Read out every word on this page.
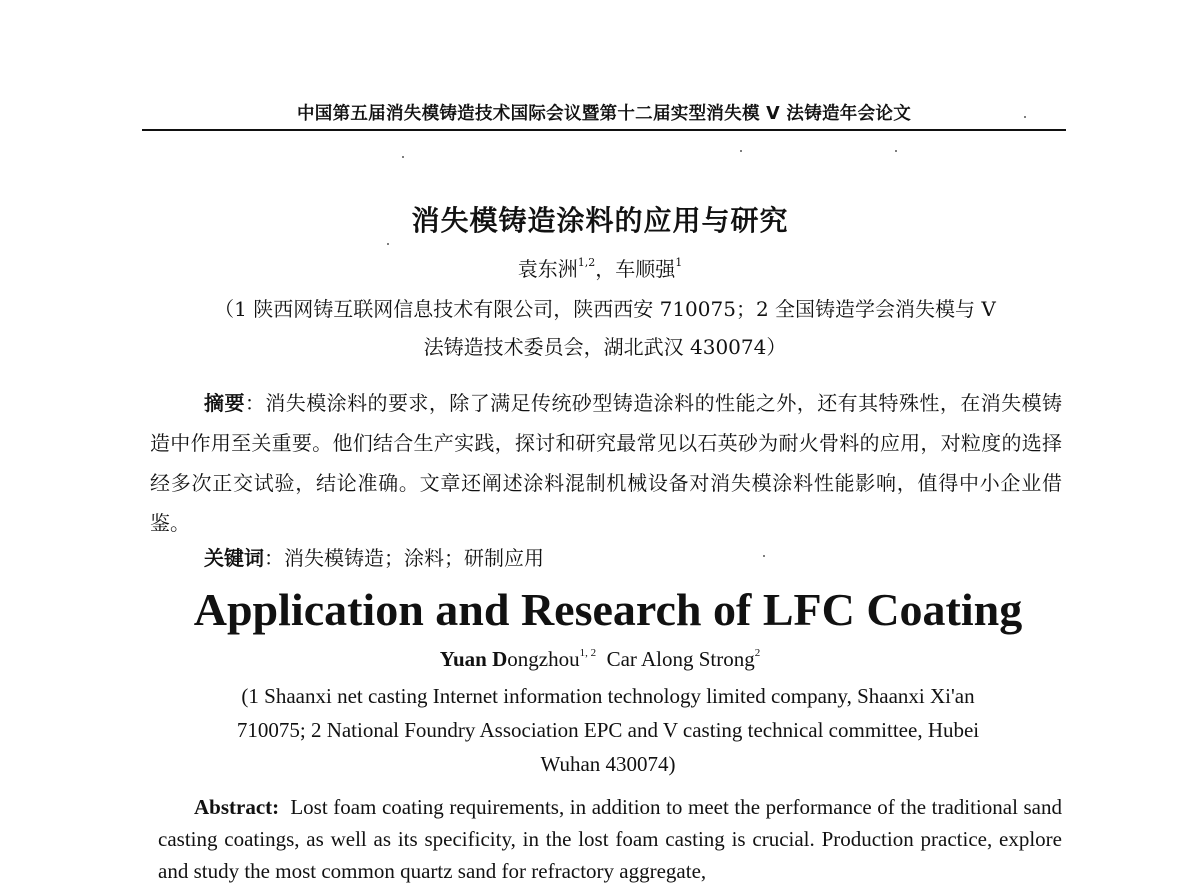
中国第五届消失模铸造技术国际会议暨第十二届实型消失模 V 法铸造年会论文
消失模铸造涂料的应用与研究
袁东洲$^{1,2}$，车顺强$^1$
（1 陕西网铸互联网信息技术有限公司，陕西西安 710075；2 全国铸造学会消失模与 V
法铸造技术委员会，湖北武汉 430074）
摘要：消失模涂料的要求，除了满足传统砂型铸造涂料的性能之外，还有其特殊性，在消失模铸造中作用至关重要。他们结合生产实践，探讨和研究最常见以石英砂为耐火骨料的应用，对粒度的选择经多次正交试验，结论准确。文章还阐述涂料混制机械设备对消失模涂料性能影响，值得中小企业借鉴。
关键词：消失模铸造；涂料；研制应用
Application and Research of LFC Coating
Yuan Dongzhou$^{1, 2}$ Car Along Strong$^2$
(1 Shaanxi net casting Internet information technology limited company, Shaanxi Xi'an
710075; 2 National Foundry Association EPC and V casting technical committee, Hubei
Wuhan 430074)
Abstract: Lost foam coating requirements, in addition to meet the performance of the traditional sand casting coatings, as well as its specificity, in the lost foam casting is crucial. Production practice, explore and study the most common quartz sand for refractory aggregate,
